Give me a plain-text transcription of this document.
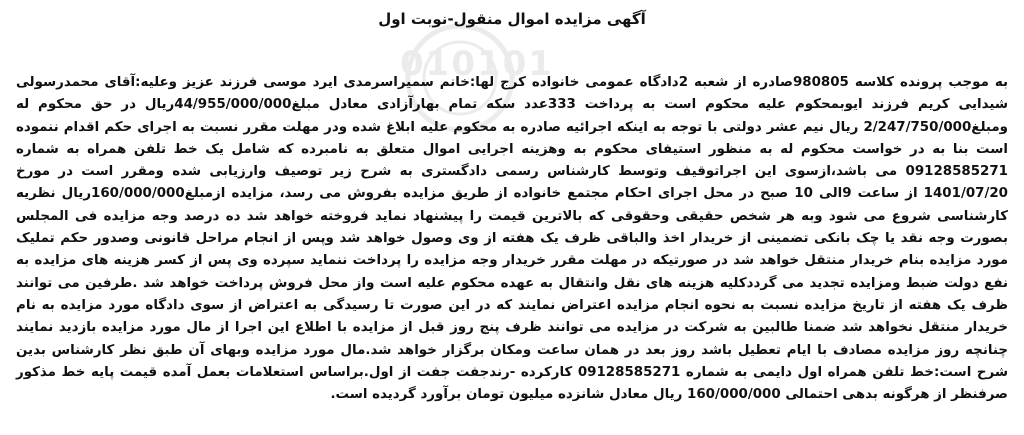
010101
آگهی مزایده اموال منقول-نوبت اول

به موجب پرونده کلاسه 980805صادره از شعبه 2دادگاه عمومی خانواده کرج لها:خانم سمیراسرمدی ایرد موسی فرزند عزیز وعلیه:آقای محمدرسولی شیدایی کریم فرزند ایوبمحکوم علیه محکوم است به پرداخت 333عدد سکه تمام بهارآزادی معادل مبلغ44/955/000/000ریال در حق محکوم له ومبلغ2/247/750/000 ریال نیم عشر دولتی با توجه به اینکه اجرائیه صادره به محکوم علیه ابلاغ شده ودر مهلت مقرر نسبت به اجرای حکم اقدام ننموده است بنا به در خواست محکوم له به منظور استیفای محکوم به وهزینه اجرایی اموال متعلق به نامبرده که شامل یک خط تلفن همراه به شماره 09128585271 می باشد،ازسوی این اجراتوقیف وتوسط کارشناس رسمی دادگستری به شرح زیر توصیف وارزیابی شده ومقرر است در مورخ 1401/07/20 از ساعت 9الی 10 صبح در محل اجرای احکام مجتمع خانواده از طریق مزایده بفروش می رسد، مزایده ازمبلغ160/000/000ریال نظریه کارشناسی شروع می شود وبه هر شخص حقیقی وحقوقی که بالاترین قیمت را پیشنهاد نماید فروخته خواهد شد ده درصد وجه مزایده فی المجلس بصورت وجه نقد یا چک بانکی تضمینی از خریدار اخذ والباقی ظرف یک هفته از وی وصول خواهد شد وپس از انجام مراحل قانونی وصدور حکم تملیک مورد مزایده بنام خریدار منتقل خواهد شد در صورتیکه در مهلت مقرر خریدار وجه مزایده را پرداخت ننماید سپرده وی پس از کسر هزینه های مزایده به نفع دولت ضبط ومزایده تجدید می گرددکلیه هزینه های نقل وانتقال به عهده محکوم علیه است واز محل فروش پرداخت خواهد شد .طرفین می توانند ظرف یک هفته از تاریخ مزایده نسبت به نحوه انجام مزایده اعتراض نمایند که در این صورت تا رسیدگی به اعتراض از سوی دادگاه مورد مزایده به نام خریدار منتقل نخواهد شد ضمنا طالبین به شرکت در مزایده می توانند ظرف پنج روز قبل از مزایده با اطلاع این اجرا از مال مورد مزایده بازدید نمایند چنانچه روز مزایده مصادف با ایام تعطیل باشد روز بعد در همان ساعت ومکان برگزار خواهد شد.مال مورد مزایده وبهای آن طبق نظر کارشناس بدین شرح است:خط تلفن همراه اول دایمی به شماره 09128585271 کارکرده -رندجفت جفت از اول.براساس استعلامات بعمل آمده قیمت پایه خط مذکور صرفنظر از هرگونه بدهی احتمالی 160/000/000 ریال معادل شانزده میلیون تومان برآورد گردیده است.
